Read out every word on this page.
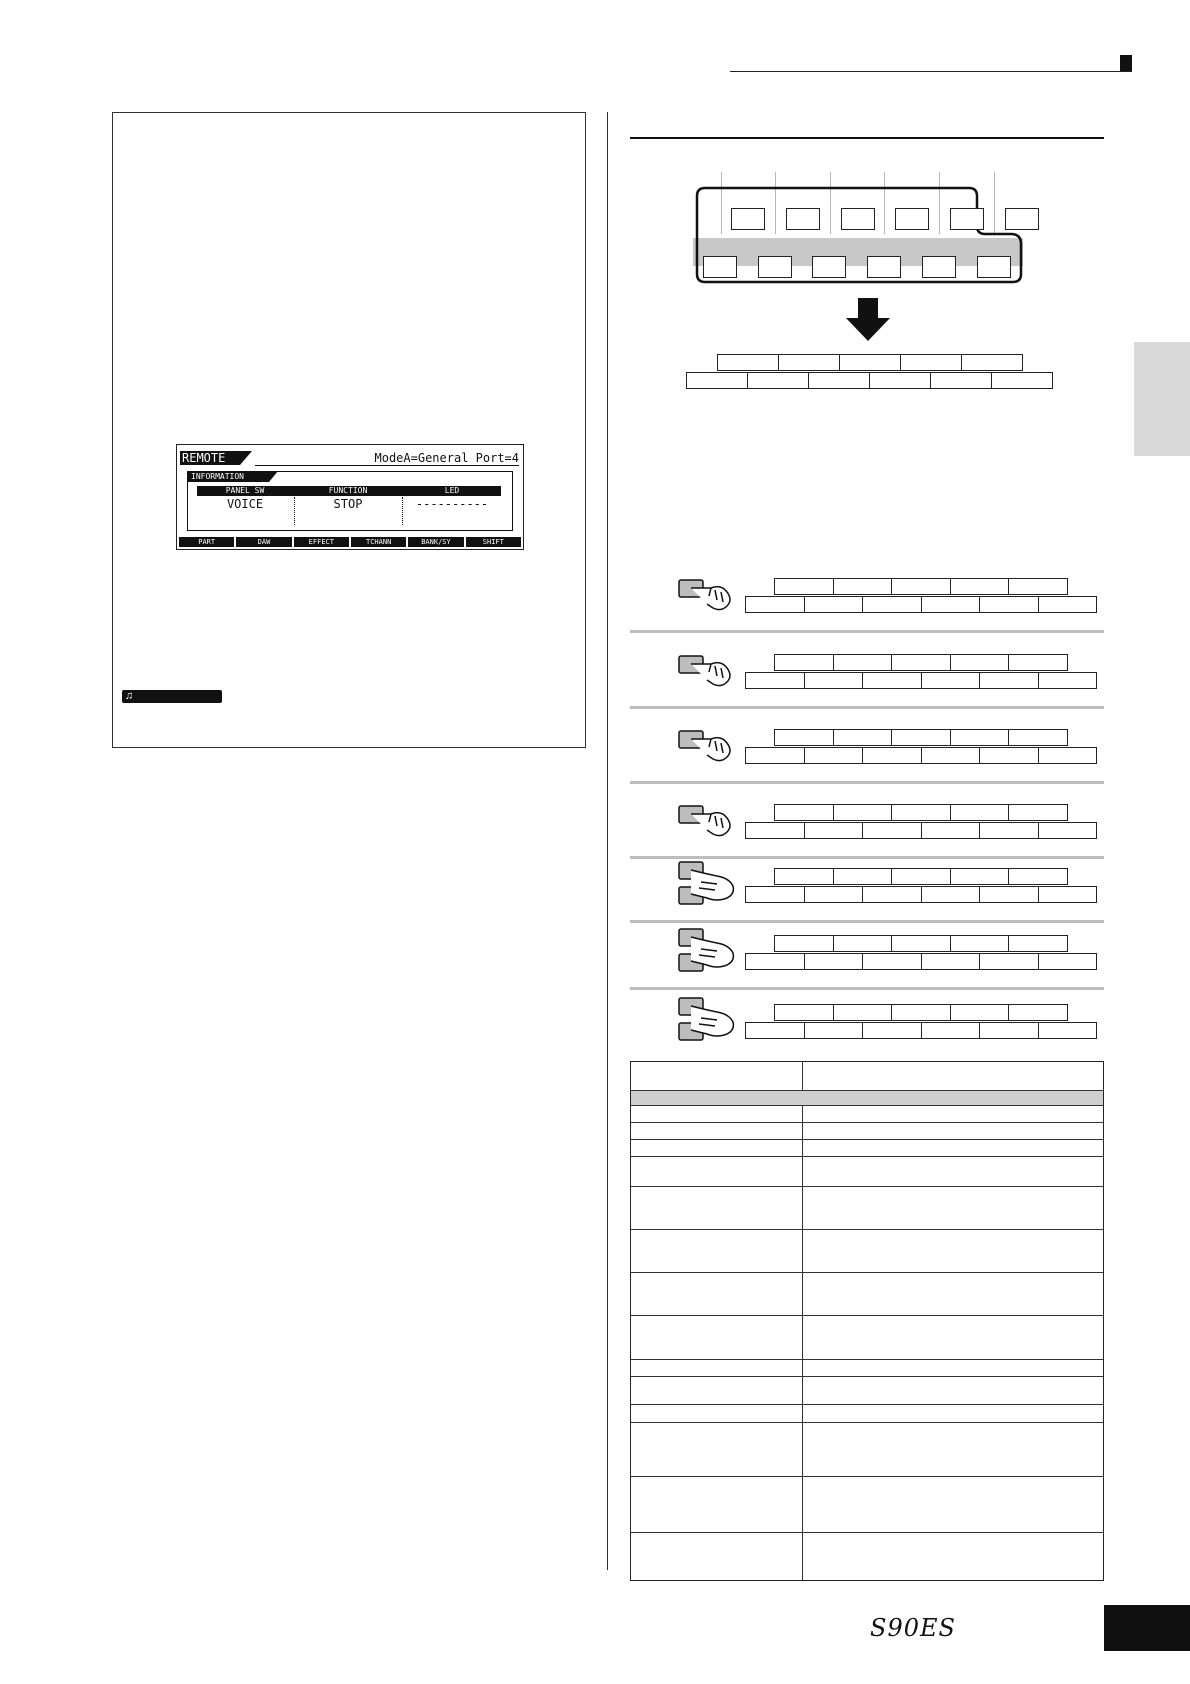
REMOTE	ModeA=General Port=4
INFORMATION
PANEL SW	FUNCTION	LED
VOICE	STOP	----------
PART	DAW	EFFECT	TCHANN	BANK/SY	SHIFT
♫
S90ES
